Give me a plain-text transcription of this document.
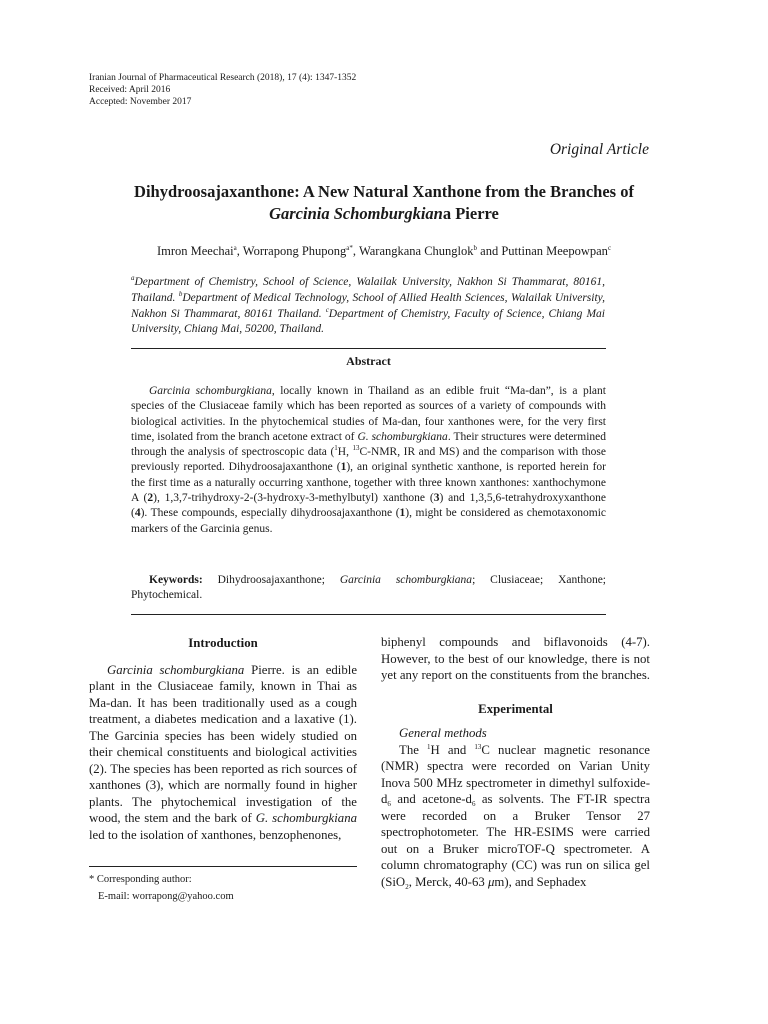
Iranian Journal of Pharmaceutical Research (2018), 17 (4): 1347-1352
Received: April 2016
Accepted: November 2017
Original Article
Dihydroosajaxanthone: A New Natural Xanthone from the Branches of
Garcinia Schomburgkiana Pierre
Imron Meechai$^a$, Worrapong Phupong$^{a*}$, Warangkana Chunglok$^b$ and Puttinan Meepowpan$^c$
$^a$Department of Chemistry, School of Science, Walailak University, Nakhon Si Thammarat, 80161, Thailand. $^b$Department of Medical Technology, School of Allied Health Sciences, Walailak University, Nakhon Si Thammarat, 80161 Thailand. $^c$Department of Chemistry, Faculty of Science, Chiang Mai University, Chiang Mai, 50200, Thailand.
Abstract
Garcinia schomburgkiana, locally known in Thailand as an edible fruit “Ma-dan”, is a plant species of the Clusiaceae family which has been reported as sources of a variety of compounds with biological activities. In the phytochemical studies of Ma-dan, four xanthones were, for the very first time, isolated from the branch acetone extract of G. schomburgkiana. Their structures were determined through the analysis of spectroscopic data ($^1$H, $^{13}$C-NMR, IR and MS) and the comparison with those previously reported. Dihydroosajaxanthone (1), an original synthetic xanthone, is reported herein for the first time as a naturally occurring xanthone, together with three known xanthones: xanthochymone A (2), 1,3,7-trihydroxy-2-(3-hydroxy-3-methylbutyl) xanthone (3) and 1,3,5,6-tetrahydroxyxanthone (4). These compounds, especially dihydroosajaxanthone (1), might be considered as chemotaxonomic markers of the Garcinia genus.
Keywords: Dihydroosajaxanthone; Garcinia schomburgkiana; Clusiaceae; Xanthone; Phytochemical.
Introduction
Garcinia schomburgkiana Pierre. is an edible plant in the Clusiaceae family, known in Thai as Ma-dan. It has been traditionally used as a cough treatment, a diabetes medication and a laxative (1). The Garcinia species has been widely studied on their chemical constituents and biological activities (2). The species has been reported as rich sources of xanthones (3), which are normally found in higher plants. The phytochemical investigation of the wood, the stem and the bark of G. schomburgkiana led to the isolation of xanthones, benzophenones,
* Corresponding author:
E-mail: worrapong@yahoo.com
biphenyl compounds and biflavonoids (4-7). However, to the best of our knowledge, there is not yet any report on the constituents from the branches.
Experimental
General methods
The $^1$H and $^{13}$C nuclear magnetic resonance (NMR) spectra were recorded on Varian Unity Inova 500 MHz spectrometer in dimethyl sulfoxide-$d_6$ and acetone-$d_6$ as solvents. The FT-IR spectra were recorded on a Bruker Tensor 27 spectrophotometer. The HR-ESIMS were carried out on a Bruker microTOF-Q spectrometer. A column chromatography (CC) was run on silica gel (SiO$_2$, Merck, 40-63 μm), and Sephadex
